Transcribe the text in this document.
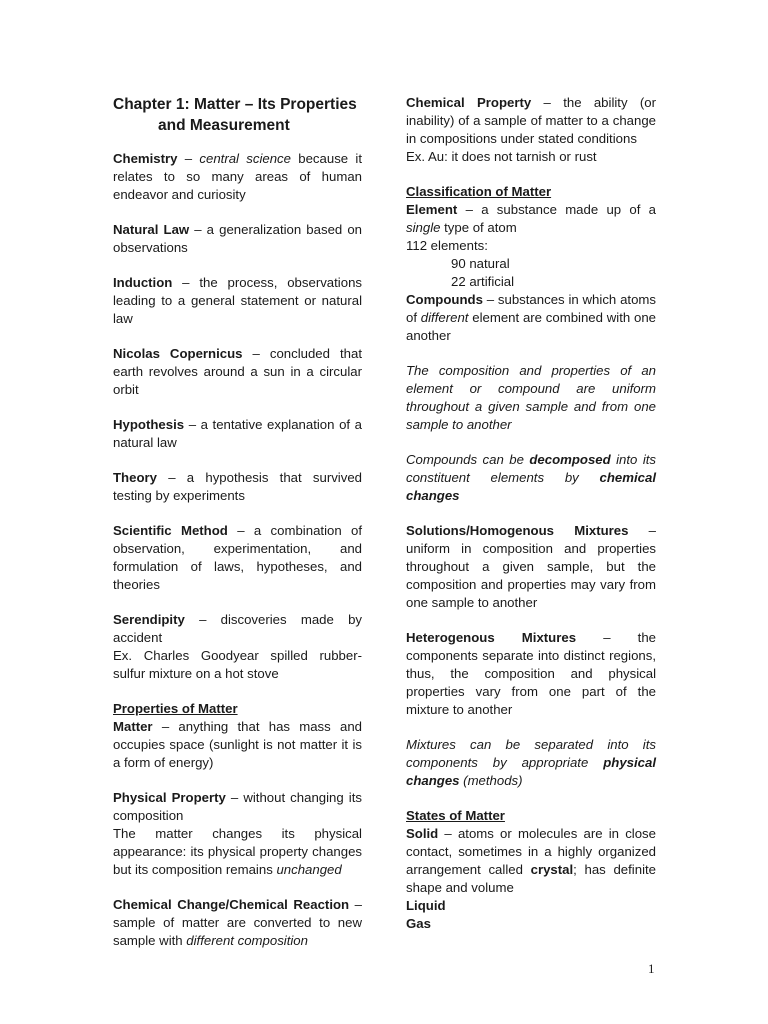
Chapter 1: Matter – Its Properties
and Measurement

Chemistry – central science because it relates to so many areas of human endeavor and curiosity

Natural Law – a generalization based on observations

Induction – the process, observations leading to a general statement or natural law

Nicolas Copernicus – concluded that earth revolves around a sun in a circular orbit

Hypothesis – a tentative explanation of a natural law

Theory – a hypothesis that survived testing by experiments

Scientific Method – a combination of observation, experimentation, and formulation of laws, hypotheses, and theories

Serendipity – discoveries made by accident

Ex. Charles Goodyear spilled rubber-sulfur mixture on a hot stove

Properties of Matter

Matter – anything that has mass and occupies space (sunlight is not matter it is a form of energy)

Physical Property – without changing its composition

The matter changes its physical appearance: its physical property changes but its composition remains unchanged

Chemical Change/Chemical Reaction – sample of matter are converted to new sample with different composition

Chemical Property – the ability (or inability) of a sample of matter to a change in compositions under stated conditions

Ex. Au: it does not tarnish or rust

Classification of Matter

Element – a substance made up of a single type of atom

112 elements:

90 natural

22 artificial

Compounds – substances in which atoms of different element are combined with one another

The composition and properties of an element or compound are uniform throughout a given sample and from one sample to another

Compounds can be decomposed into its constituent elements by chemical changes

Solutions/Homogenous Mixtures – uniform in composition and properties throughout a given sample, but the composition and properties may vary from one sample to another

Heterogenous Mixtures – the components separate into distinct regions, thus, the composition and physical properties vary from one part of the mixture to another

Mixtures can be separated into its components by appropriate physical changes (methods)

States of Matter

Solid – atoms or molecules are in close contact, sometimes in a highly organized arrangement called crystal; has definite shape and volume

Liquid

Gas

1
